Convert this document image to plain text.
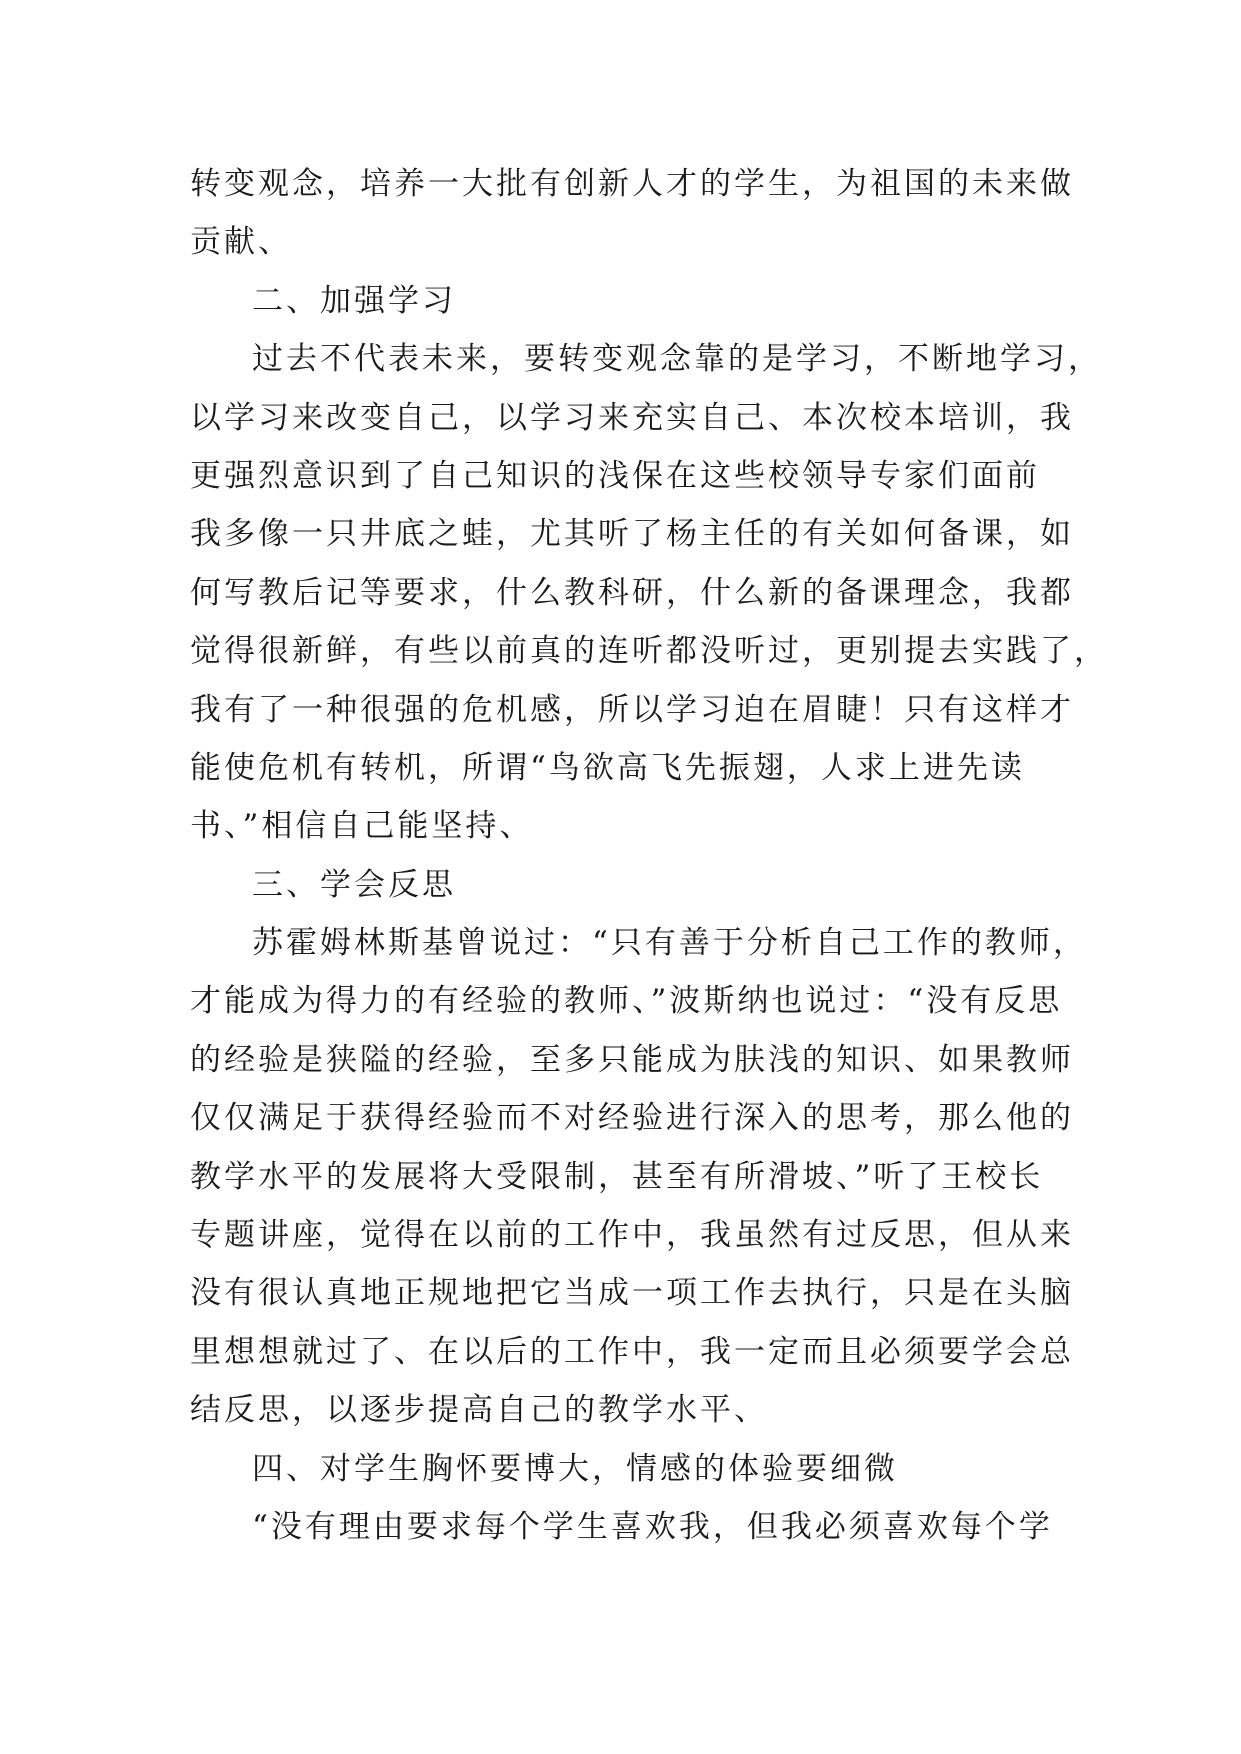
转变观念，培养一大批有创新人才的学生，为祖国的未来做
贡献、
二、加强学习
过去不代表未来，要转变观念靠的是学习，不断地学习，
以学习来改变自己，以学习来充实自己、本次校本培训，我
更强烈意识到了自己知识的浅保在这些校领导专家们面前
我多像一只井底之蛙，尤其听了杨主任的有关如何备课，如
何写教后记等要求，什么教科研，什么新的备课理念，我都
觉得很新鲜，有些以前真的连听都没听过，更别提去实践了，
我有了一种很强的危机感，所以学习迫在眉睫！只有这样才
能使危机有转机，所谓“鸟欲高飞先振翅，人求上进先读
书、”相信自己能坚持、
三、学会反思
苏霍姆林斯基曾说过：“只有善于分析自己工作的教师，
才能成为得力的有经验的教师、”波斯纳也说过：“没有反思
的经验是狭隘的经验，至多只能成为肤浅的知识、如果教师
仅仅满足于获得经验而不对经验进行深入的思考，那么他的
教学水平的发展将大受限制，甚至有所滑坡、”听了王校长
专题讲座，觉得在以前的工作中，我虽然有过反思，但从来
没有很认真地正规地把它当成一项工作去执行，只是在头脑
里想想就过了、在以后的工作中，我一定而且必须要学会总
结反思，以逐步提高自己的教学水平、
四、对学生胸怀要博大，情感的体验要细微
“没有理由要求每个学生喜欢我，但我必须喜欢每个学
